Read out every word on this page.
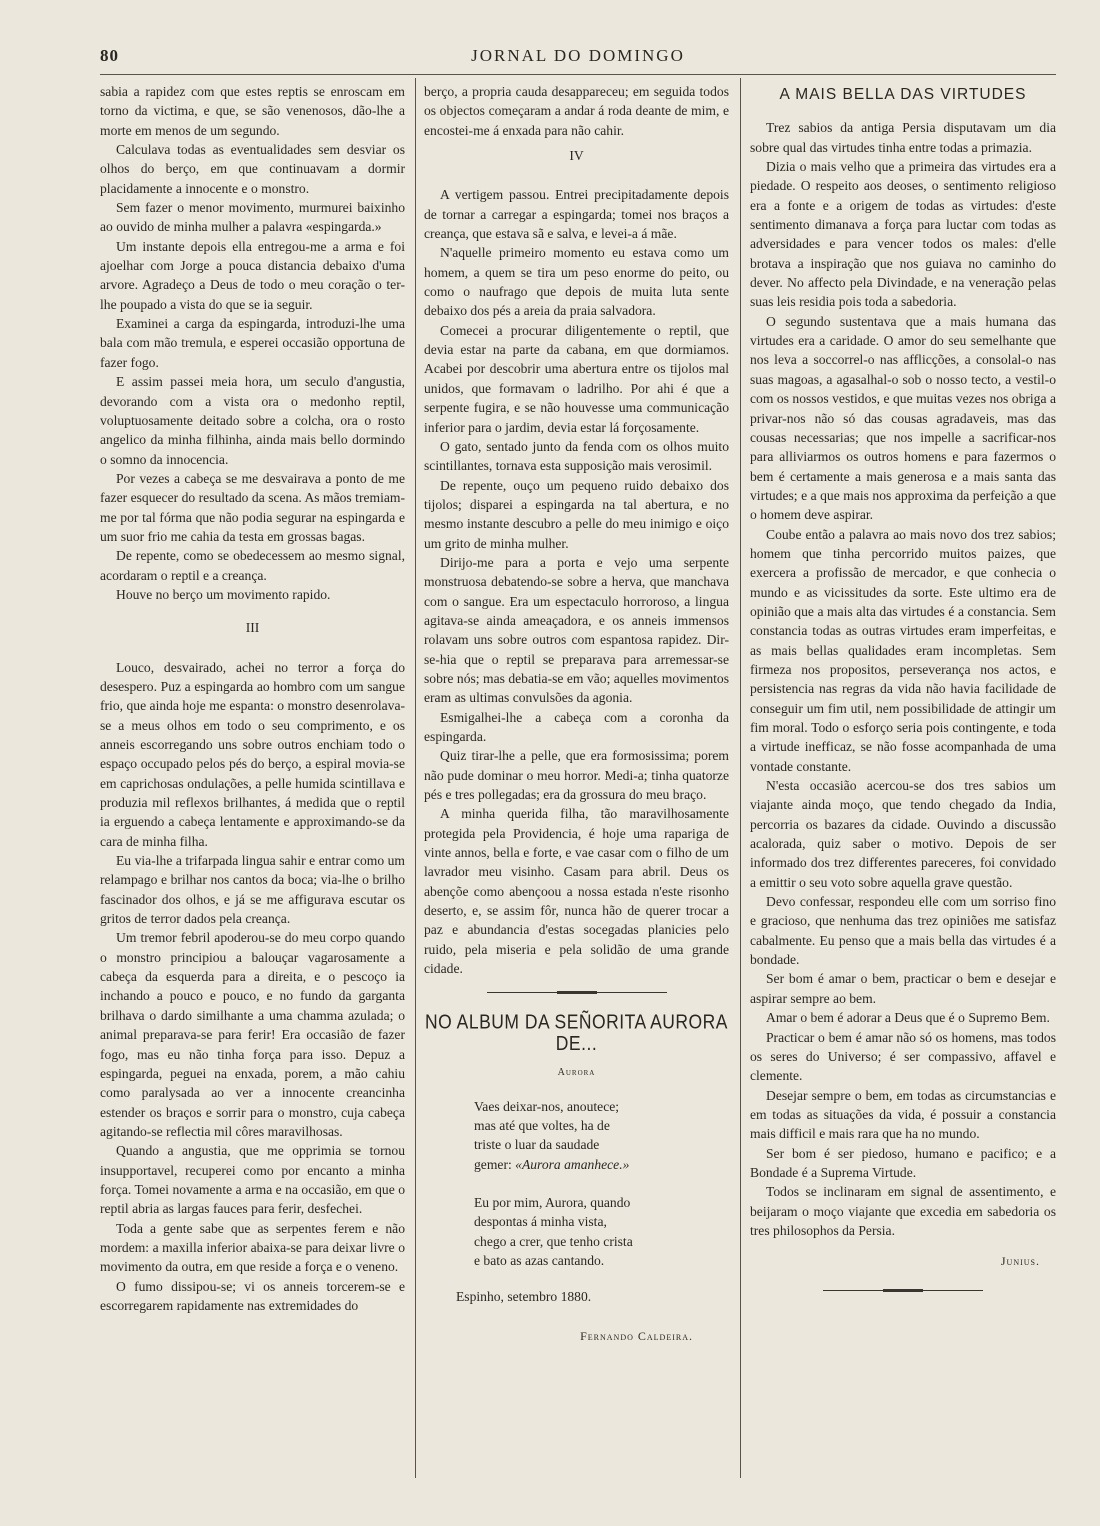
80	JORNAL DO DOMINGO

sabia a rapidez com que estes reptis se enroscam em torno da victima, e que, se são venenosos, dão-lhe a morte em menos de um segundo.

Calculava todas as eventualidades sem desviar os olhos do berço, em que continuavam a dormir placidamente a innocente e o monstro.

Sem fazer o menor movimento, murmurei baixinho ao ouvido de minha mulher a palavra «espingarda.»

Um instante depois ella entregou-me a arma e foi ajoelhar com Jorge a pouca distancia debaixo d'uma arvore. Agradeço a Deus de todo o meu coração o ter-lhe poupado a vista do que se ia seguir.

Examinei a carga da espingarda, introduzi-lhe uma bala com mão tremula, e esperei occasião opportuna de fazer fogo.

E assim passei meia hora, um seculo d'angustia, devorando com a vista ora o medonho reptil, voluptuosamente deitado sobre a colcha, ora o rosto angelico da minha filhinha, ainda mais bello dormindo o somno da innocencia.

Por vezes a cabeça se me desvairava a ponto de me fazer esquecer do resultado da scena. As mãos tremiam-me por tal fórma que não podia segurar na espingarda e um suor frio me cahia da testa em grossas bagas.

De repente, como se obedecessem ao mesmo signal, acordaram o reptil e a creança.

Houve no berço um movimento rapido.

III

Louco, desvairado, achei no terror a força do desespero. Puz a espingarda ao hombro com um sangue frio, que ainda hoje me espanta: o monstro desenrolava-se a meus olhos em todo o seu comprimento, e os anneis escorregando uns sobre outros enchiam todo o espaço occupado pelos pés do berço, a espiral movia-se em caprichosas ondulações, a pelle humida scintillava e produzia mil reflexos brilhantes, á medida que o reptil ia erguendo a cabeça lentamente e approximando-se da cara de minha filha.

Eu via-lhe a trifarpada lingua sahir e entrar como um relampago e brilhar nos cantos da boca; via-lhe o brilho fascinador dos olhos, e já se me affigurava escutar os gritos de terror dados pela creança.

Um tremor febril apoderou-se do meu corpo quando o monstro principiou a balouçar vagarosamente a cabeça da esquerda para a direita, e o pescoço ia inchando a pouco e pouco, e no fundo da garganta brilhava o dardo similhante a uma chamma azulada; o animal preparava-se para ferir! Era occasião de fazer fogo, mas eu não tinha força para isso. Depuz a espingarda, peguei na enxada, porem, a mão cahiu como paralysada ao ver a innocente creancinha estender os braços e sorrir para o monstro, cuja cabeça agitando-se reflectia mil côres maravilhosas.

Quando a angustia, que me opprimia se tornou insupportavel, recuperei como por encanto a minha força. Tomei novamente a arma e na occasião, em que o reptil abria as largas fauces para ferir, desfechei.

Toda a gente sabe que as serpentes ferem e não mordem: a maxilla inferior abaixa-se para deixar livre o movimento da outra, em que reside a força e o veneno.

O fumo dissipou-se; vi os anneis torcerem-se e escorregarem rapidamente nas extremidades do

berço, a propria cauda desappareceu; em seguida todos os objectos começaram a andar á roda deante de mim, e encostei-me á enxada para não cahir.

IV

A vertigem passou. Entrei precipitadamente depois de tornar a carregar a espingarda; tomei nos braços a creança, que estava sã e salva, e levei-a á mãe.

N'aquelle primeiro momento eu estava como um homem, a quem se tira um peso enorme do peito, ou como o naufrago que depois de muita luta sente debaixo dos pés a areia da praia salvadora.

Comecei a procurar diligentemente o reptil, que devia estar na parte da cabana, em que dormiamos. Acabei por descobrir uma abertura entre os tijolos mal unidos, que formavam o ladrilho. Por ahi é que a serpente fugira, e se não houvesse uma communicação inferior para o jardim, devia estar lá forçosamente.

O gato, sentado junto da fenda com os olhos muito scintillantes, tornava esta supposição mais verosimil.

De repente, ouço um pequeno ruido debaixo dos tijolos; disparei a espingarda na tal abertura, e no mesmo instante descubro a pelle do meu inimigo e oiço um grito de minha mulher.

Dirijo-me para a porta e vejo uma serpente monstruosa debatendo-se sobre a herva, que manchava com o sangue. Era um espectaculo horroroso, a lingua agitava-se ainda ameaçadora, e os anneis immensos rolavam uns sobre outros com espantosa rapidez. Dir-se-hia que o reptil se preparava para arremessar-se sobre nós; mas debatia-se em vão; aquelles movimentos eram as ultimas convulsões da agonia.

Esmigalhei-lhe a cabeça com a coronha da espingarda.

Quiz tirar-lhe a pelle, que era formosissima; porem não pude dominar o meu horror. Medi-a; tinha quatorze pés e tres pollegadas; era da grossura do meu braço.

A minha querida filha, tão maravilhosamente protegida pela Providencia, é hoje uma rapariga de vinte annos, bella e forte, e vae casar com o filho de um lavrador meu visinho. Casam para abril. Deus os abençõe como abençoou a nossa estada n'este risonho deserto, e, se assim fôr, nunca hão de querer trocar a paz e abundancia d'estas socegadas planicies pelo ruido, pela miseria e pela solidão de uma grande cidade.

NO ALBUM DA SEÑORITA AURORA DE...
Aurora
Vaes deixar-nos, anoutece;
mas até que voltes, ha de
triste o luar da saudade
gemer: «Aurora amanhece.»
Eu por mim, Aurora, quando
despontas á minha vista,
chego a crer, que tenho crista
e bato as azas cantando.
Espinho, setembro 1880.
Fernando Caldeira.
A MAIS BELLA DAS VIRTUDES

Trez sabios da antiga Persia disputavam um dia sobre qual das virtudes tinha entre todas a primazia.

Dizia o mais velho que a primeira das virtudes era a piedade. O respeito aos deoses, o sentimento religioso era a fonte e a origem de todas as virtudes: d'este sentimento dimanava a força para luctar com todas as adversidades e para vencer todos os males: d'elle brotava a inspiração que nos guiava no caminho do dever. No affecto pela Divindade, e na veneração pelas suas leis residia pois toda a sabedoria.

O segundo sustentava que a mais humana das virtudes era a caridade. O amor do seu semelhante que nos leva a soccorrel-o nas afflicções, a consolal-o nas suas magoas, a agasalhal-o sob o nosso tecto, a vestil-o com os nossos vestidos, e que muitas vezes nos obriga a privar-nos não só das cousas agradaveis, mas das cousas necessarias; que nos impelle a sacrificar-nos para alliviarmos os outros homens e para fazermos o bem é certamente a mais generosa e a mais santa das virtudes; e a que mais nos approxima da perfeição a que o homem deve aspirar.

Coube então a palavra ao mais novo dos trez sabios; homem que tinha percorrido muitos paizes, que exercera a profissão de mercador, e que conhecia o mundo e as vicissitudes da sorte. Este ultimo era de opinião que a mais alta das virtudes é a constancia. Sem constancia todas as outras virtudes eram imperfeitas, e as mais bellas qualidades eram incompletas. Sem firmeza nos propositos, perseverança nos actos, e persistencia nas regras da vida não havia facilidade de conseguir um fim util, nem possibilidade de attingir um fim moral. Todo o esforço seria pois contingente, e toda a virtude inefficaz, se não fosse acompanhada de uma vontade constante.

N'esta occasião acercou-se dos tres sabios um viajante ainda moço, que tendo chegado da India, percorria os bazares da cidade. Ouvindo a discussão acalorada, quiz saber o motivo. Depois de ser informado dos trez differentes pareceres, foi convidado a emittir o seu voto sobre aquella grave questão.

Devo confessar, respondeu elle com um sorriso fino e gracioso, que nenhuma das trez opiniões me satisfaz cabalmente. Eu penso que a mais bella das virtudes é a bondade.

Ser bom é amar o bem, practicar o bem e desejar e aspirar sempre ao bem.

Amar o bem é adorar a Deus que é o Supremo Bem.

Practicar o bem é amar não só os homens, mas todos os seres do Universo; é ser compassivo, affavel e clemente.

Desejar sempre o bem, em todas as circumstancias e em todas as situações da vida, é possuir a constancia mais difficil e mais rara que ha no mundo.

Ser bom é ser piedoso, humano e pacifico; e a Bondade é a Suprema Virtude.

Todos se inclinaram em signal de assentimento, e beijaram o moço viajante que excedia em sabedoria os tres philosophos da Persia.

Junius.
